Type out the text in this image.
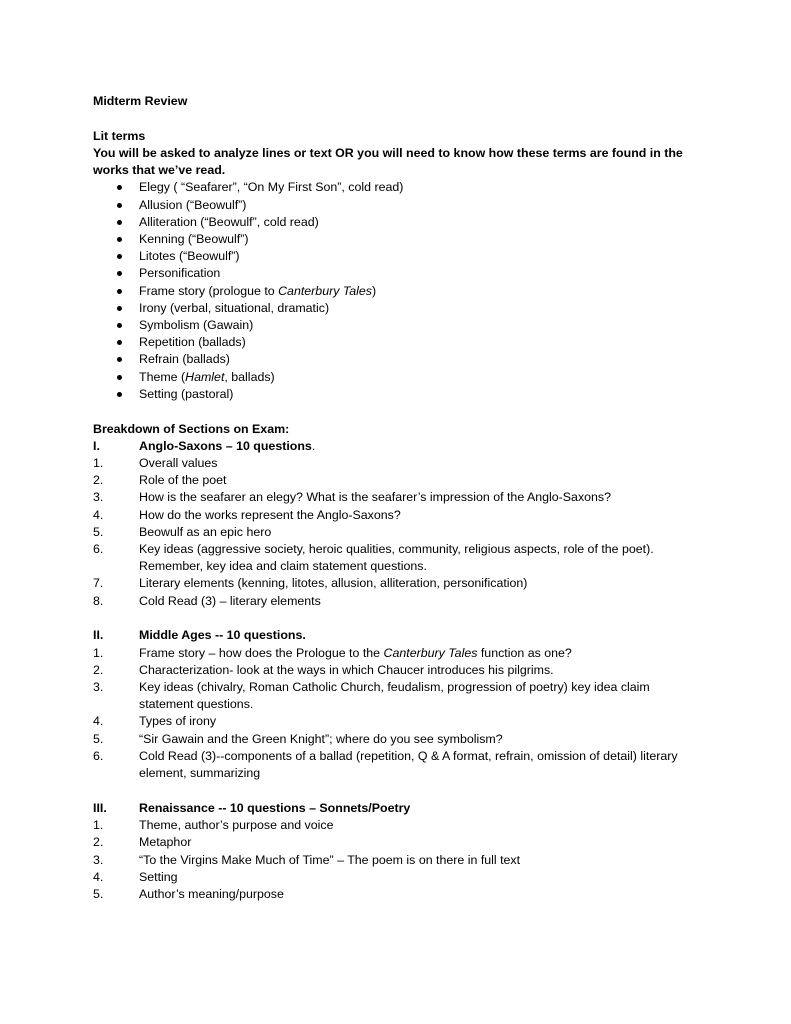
Midterm Review
Lit terms
You will be asked to analyze lines or text OR you will need to know how these terms are found in the works that we’ve read.
Elegy ( “Seafarer”, “On My First Son”, cold read)
Allusion (“Beowulf”)
Alliteration (“Beowulf”, cold read)
Kenning (“Beowulf”)
Litotes (“Beowulf”)
Personification
Frame story (prologue to Canterbury Tales)
Irony (verbal, situational, dramatic)
Symbolism (Gawain)
Repetition (ballads)
Refrain (ballads)
Theme (Hamlet, ballads)
Setting (pastoral)
Breakdown of Sections on Exam:
I.	Anglo-Saxons – 10 questions.
1.	Overall values
2.	Role of the poet
3.	How is the seafarer an elegy? What is the seafarer’s impression of the Anglo-Saxons?
4.	How do the works represent the Anglo-Saxons?
5.	Beowulf as an epic hero
6.	Key ideas (aggressive society, heroic qualities, community, religious aspects, role of the poet). Remember, key idea and claim statement questions.
7.	Literary elements (kenning, litotes, allusion, alliteration, personification)
8.	Cold Read (3) – literary elements
II.	Middle Ages -- 10 questions.
1.	Frame story – how does the Prologue to the Canterbury Tales function as one?
2.	Characterization- look at the ways in which Chaucer introduces his pilgrims.
3.	Key ideas (chivalry, Roman Catholic Church, feudalism, progression of poetry) key idea claim statement questions.
4.	Types of irony
5.	“Sir Gawain and the Green Knight”; where do you see symbolism?
6.	Cold Read (3)--components of a ballad (repetition, Q & A format, refrain, omission of detail) literary element, summarizing
III.	Renaissance -- 10 questions – Sonnets/Poetry
1.	Theme, author’s purpose and voice
2.	Metaphor
3.	“To the Virgins Make Much of Time” – The poem is on there in full text
4.	Setting
5.	Author’s meaning/purpose
